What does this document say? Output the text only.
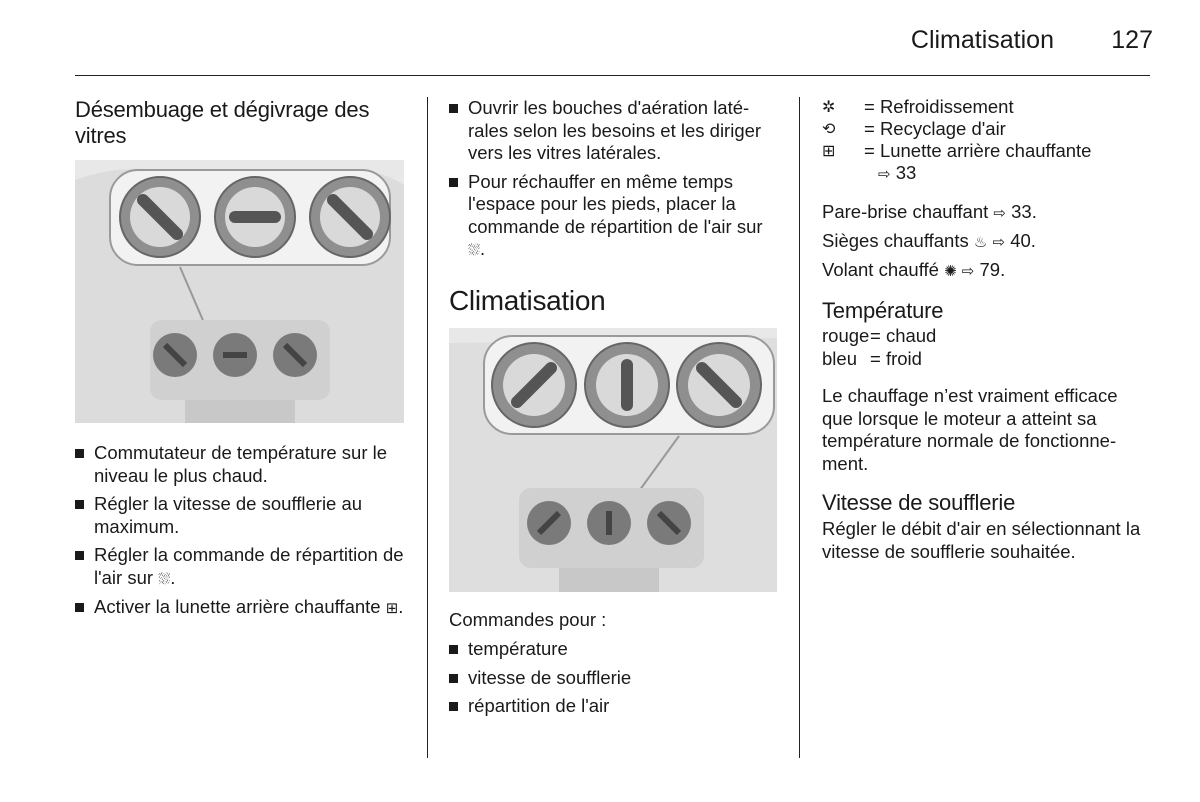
Climatisation 127
Désembuage et dégivrage des vitres
Commutateur de température sur le niveau le plus chaud.
Régler la vitesse de soufflerie au maximum.
Régler la commande de répartition de l'air sur ⛆.
Activer la lunette arrière chauffante ⊞.
Ouvrir les bouches d'aération latérales selon les besoins et les diriger vers les vitres latérales.
Pour réchauffer en même temps l'espace pour les pieds, placer la commande de répartition de l'air sur ⛆.
Climatisation

Commandes pour :

température
vitesse de soufflerie
répartition de l'air
✲	= Refroidissement
⟲	= Recyclage d'air
⊞	= Lunette arrière chauffante
⇨ 33

Pare-brise chauffant ⇨ 33.

Sièges chauffants ♨ ⇨ 40.

Volant chauffé ✺ ⇨ 79.

Température
rouge= chaud
bleu = froid

Le chauffage n’est vraiment efficace que lorsque le moteur a atteint sa température normale de fonctionnement.

Vitesse de soufflerie

Régler le débit d'air en sélectionnant la vitesse de soufflerie souhaitée.
